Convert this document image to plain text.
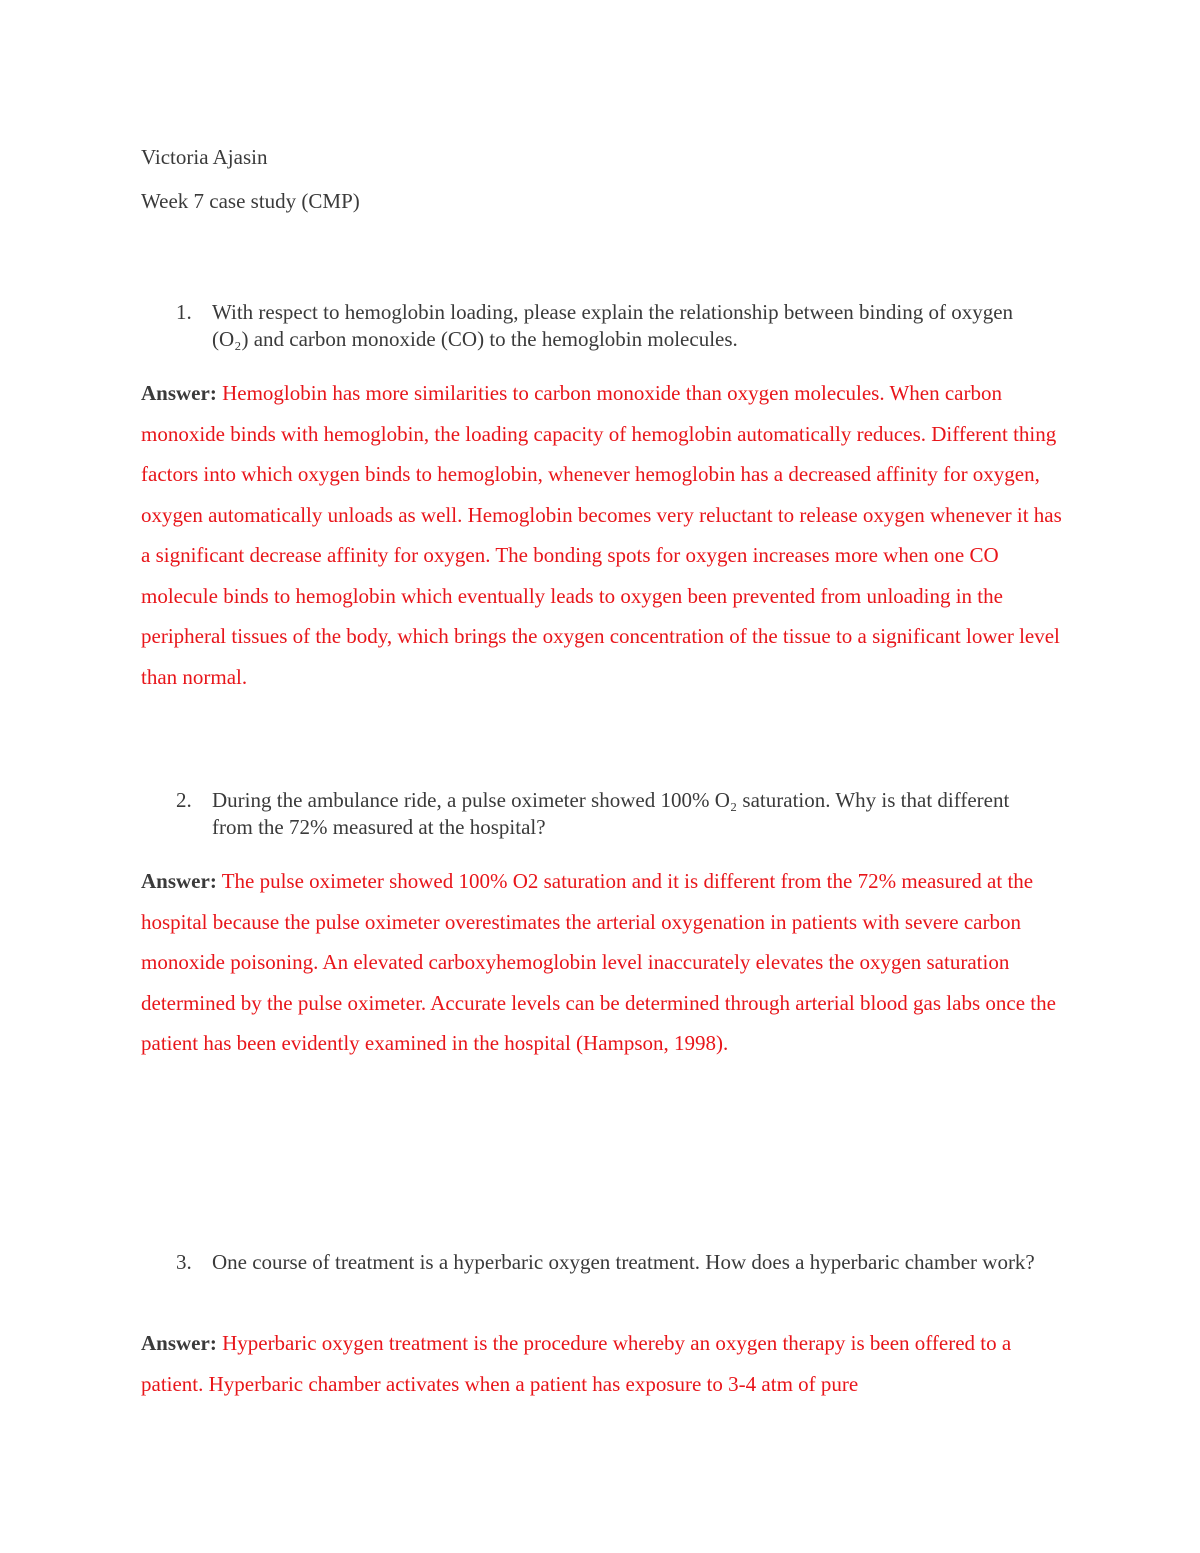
Victoria Ajasin
Week 7 case study (CMP)
1. With respect to hemoglobin loading, please explain the relationship between binding of oxygen (O₂) and carbon monoxide (CO) to the hemoglobin molecules.
Answer: Hemoglobin has more similarities to carbon monoxide than oxygen molecules. When carbon monoxide binds with hemoglobin, the loading capacity of hemoglobin automatically reduces. Different thing factors into which oxygen binds to hemoglobin, whenever hemoglobin has a decreased affinity for oxygen, oxygen automatically unloads as well. Hemoglobin becomes very reluctant to release oxygen whenever it has a significant decrease affinity for oxygen. The bonding spots for oxygen increases more when one CO molecule binds to hemoglobin which eventually leads to oxygen been prevented from unloading in the peripheral tissues of the body, which brings the oxygen concentration of the tissue to a significant lower level than normal.
2. During the ambulance ride, a pulse oximeter showed 100% O₂ saturation. Why is that different from the 72% measured at the hospital?
Answer: The pulse oximeter showed 100% O2 saturation and it is different from the 72% measured at the hospital because the pulse oximeter overestimates the arterial oxygenation in patients with severe carbon monoxide poisoning. An elevated carboxyhemoglobin level inaccurately elevates the oxygen saturation determined by the pulse oximeter. Accurate levels can be determined through arterial blood gas labs once the patient has been evidently examined in the hospital (Hampson, 1998).
3. One course of treatment is a hyperbaric oxygen treatment. How does a hyperbaric chamber work?
Answer: Hyperbaric oxygen treatment is the procedure whereby an oxygen therapy is been offered to a patient. Hyperbaric chamber activates when a patient has exposure to 3-4 atm of pure
